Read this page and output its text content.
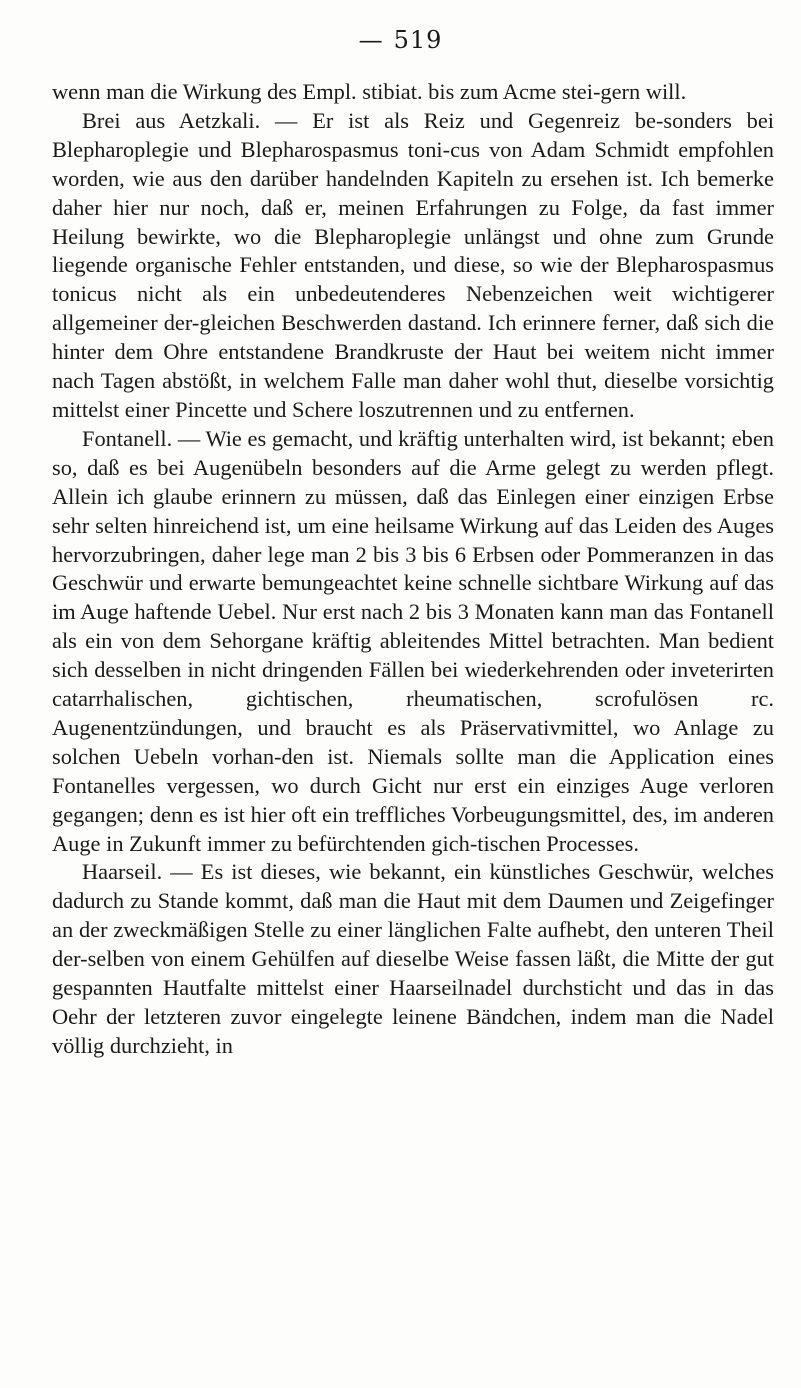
— 519

wenn man die Wirkung des Empl. stibiat. bis zum Acme stei-gern will.

Brei aus Aetzkali. — Er ist als Reiz und Gegenreiz be-sonders bei Blepharoplegie und Blepharospasmus toni-cus von Adam Schmidt empfohlen worden, wie aus den darüber handelnden Kapiteln zu ersehen ist. Ich bemerke daher hier nur noch, daß er, meinen Erfahrungen zu Folge, da fast immer Heilung bewirkte, wo die Blepharoplegie unlängst und ohne zum Grunde liegende organische Fehler entstanden, und diese, so wie der Blepharospasmus tonicus nicht als ein unbedeutenderes Nebenzeichen weit wichtigerer allgemeiner der-gleichen Beschwerden dastand. Ich erinnere ferner, daß sich die hinter dem Ohre entstandene Brandkruste der Haut bei weitem nicht immer nach Tagen abstößt, in welchem Falle man daher wohl thut, dieselbe vorsichtig mittelst einer Pincette und Schere loszutrennen und zu entfernen.

Fontanell. — Wie es gemacht, und kräftig unterhalten wird, ist bekannt; eben so, daß es bei Augenübeln besonders auf die Arme gelegt zu werden pflegt. Allein ich glaube erinnern zu müssen, daß das Einlegen einer einzigen Erbse sehr selten hinreichend ist, um eine heilsame Wirkung auf das Leiden des Auges hervorzubringen, daher lege man 2 bis 3 bis 6 Erbsen oder Pommeranzen in das Geschwür und erwarte bemungeachtet keine schnelle sichtbare Wirkung auf das im Auge haftende Uebel. Nur erst nach 2 bis 3 Monaten kann man das Fontanell als ein von dem Sehorgane kräftig ableitendes Mittel betrachten. Man bedient sich desselben in nicht dringenden Fällen bei wiederkehrenden oder inveterirten catarrhalischen, gichtischen, rheumatischen, scrofulösen rc. Augenentzündungen, und braucht es als Präservativmittel, wo Anlage zu solchen Uebeln vorhan-den ist. Niemals sollte man die Application eines Fontanelles vergessen, wo durch Gicht nur erst ein einziges Auge verloren gegangen; denn es ist hier oft ein treffliches Vorbeugungsmittel, des, im anderen Auge in Zukunft immer zu befürchtenden gich-tischen Processes.

Haarseil. — Es ist dieses, wie bekannt, ein künstliches Geschwür, welches dadurch zu Stande kommt, daß man die Haut mit dem Daumen und Zeigefinger an der zweckmäßigen Stelle zu einer länglichen Falte aufhebt, den unteren Theil der-selben von einem Gehülfen auf dieselbe Weise fassen läßt, die Mitte der gut gespannten Hautfalte mittelst einer Haarseilnadel durchsticht und das in das Oehr der letzteren zuvor eingelegte leinene Bändchen, indem man die Nadel völlig durchzieht, in
